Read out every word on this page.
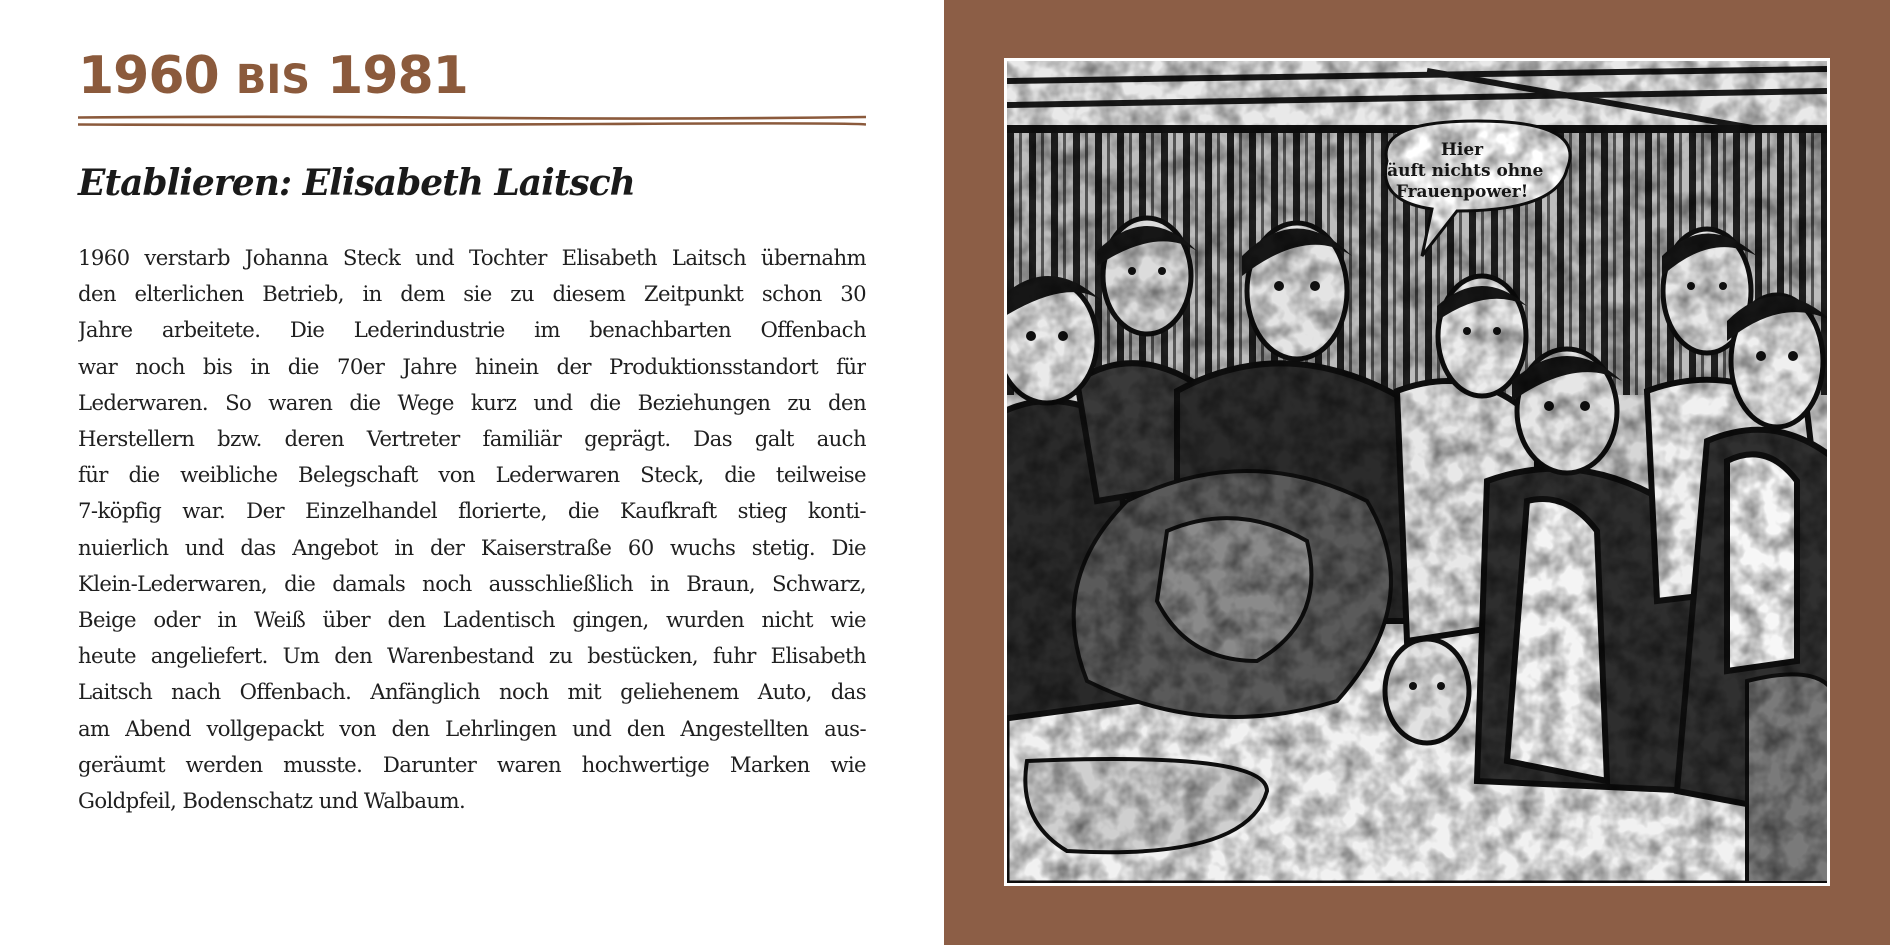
1960 BIS 1981
Etablieren: Elisabeth Laitsch

1960 verstarb Johanna Steck und Tochter Elisabeth Laitsch übernahm
den elterlichen Betrieb, in dem sie zu diesem Zeitpunkt schon 30
Jahre arbeitete. Die Lederindustrie im benachbarten Offenbach
war noch bis in die 70er Jahre hinein der Produktionsstandort für
Lederwaren. So waren die Wege kurz und die Beziehungen zu den
Herstellern bzw. deren Vertreter familiär geprägt. Das galt auch
für die weibliche Belegschaft von Lederwaren Steck, die teilweise
7-köpfig war. Der Einzelhandel florierte, die Kaufkraft stieg konti-
nuierlich und das Angebot in der Kaiserstraße 60 wuchs stetig. Die
Klein-Lederwaren, die damals noch ausschließlich in Braun, Schwarz,
Beige oder in Weiß über den Ladentisch gingen, wurden nicht wie
heute angeliefert. Um den Warenbestand zu bestücken, fuhr Elisabeth
Laitsch nach Offenbach. Anfänglich noch mit geliehenem Auto, das
am Abend vollgepackt von den Lehrlingen und den Angestellten aus-
geräumt werden musste. Darunter waren hochwertige Marken wie
Goldpfeil, Bodenschatz und Walbaum.
